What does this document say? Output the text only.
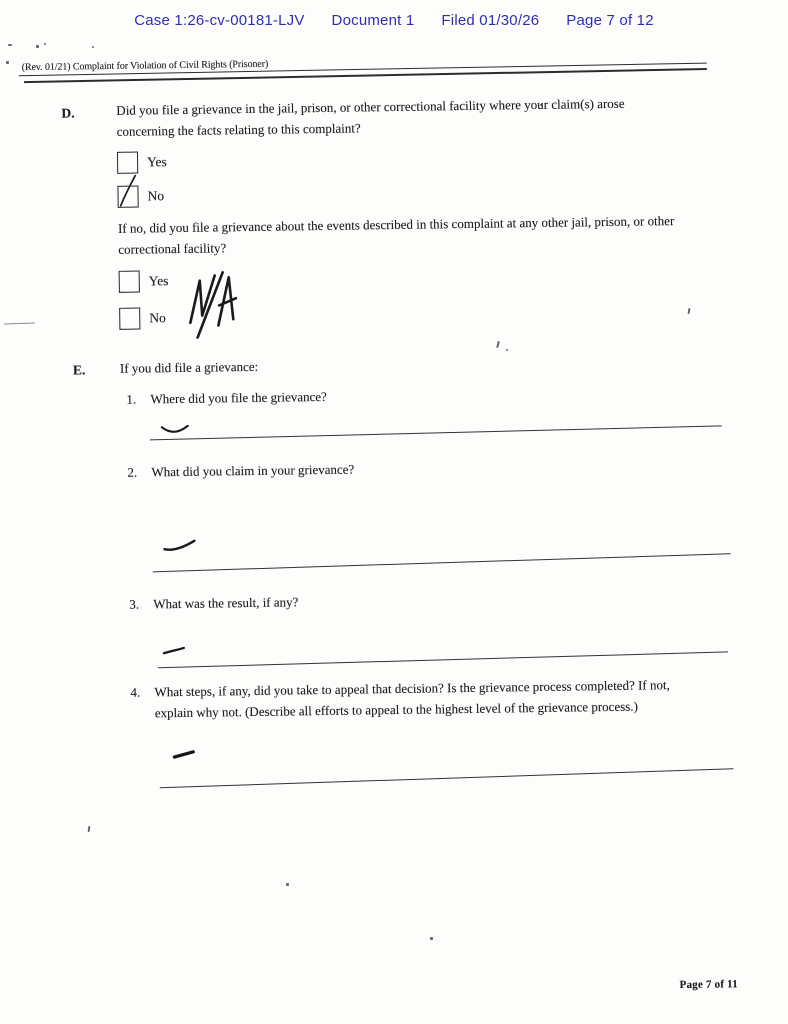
Case 1:26-cv-00181-LJV Document 1 Filed 01/30/26 Page 7 of 12
(Rev. 01/21) Complaint for Violation of Civil Rights (Prisoner)
D.	Did you file a grievance in the jail, prison, or other correctional facility where your claim(s) arose concerning the facts relating to this complaint?
Yes
No
If no, did you file a grievance about the events described in this complaint at any other jail, prison, or other correctional facility?
Yes
No
E.	If you did file a grievance:
1.	Where did you file the grievance?
2.	What did you claim in your grievance?
3.	What was the result, if any?
4.	What steps, if any, did you take to appeal that decision? Is the grievance process completed? If not, explain why not. (Describe all efforts to appeal to the highest level of the grievance process.)
Page 7 of 11
